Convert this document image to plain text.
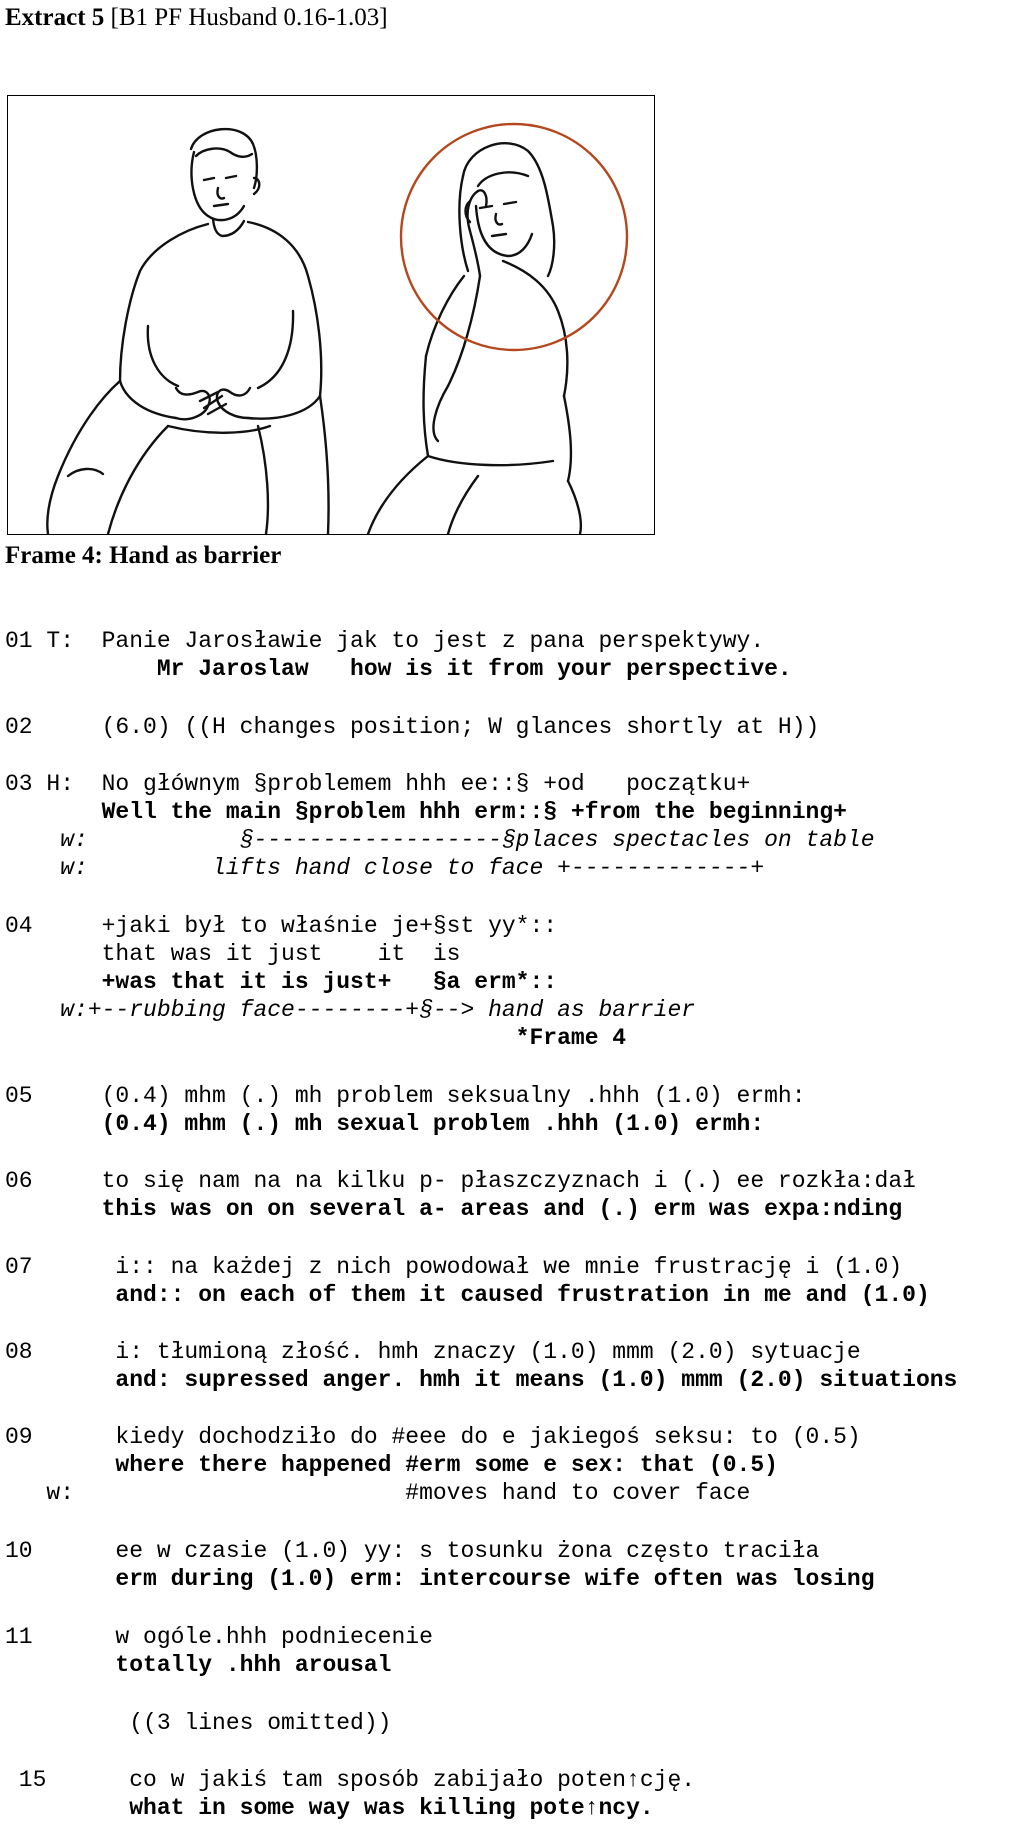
Extract 5 [B1 PF Husband 0.16-1.03]
Frame 4: Hand as barrier
01 T:  Panie Jarosławie jak to jest z pana perspektywy.
Mr Jaroslaw   how is it from your perspective.
02     (6.0) ((H changes position; W glances shortly at H))
03 H:  No głównym §problemem hhh ee::§ +od   początku+
Well the main §problem hhh erm::§ +from the beginning+
w:           §------------------§places spectacles on table
w:         lifts hand close to face +-------------+
04     +jaki był to właśnie je+§st yy*::
that was it just    it  is
+was that it is just+   §a erm*::
w:+--rubbing face--------+§--> hand as barrier
*Frame 4
05     (0.4) mhm (.) mh problem seksualny .hhh (1.0) ermh:
(0.4) mhm (.) mh sexual problem .hhh (1.0) ermh:
06     to się nam na na kilku p- płaszczyznach i (.) ee rozkła:dał
this was on on several a- areas and (.) erm was expa:nding
07      i:: na każdej z nich powodował we mnie frustrację i (1.0)
and:: on each of them it caused frustration in me and (1.0)
08      i: tłumioną złość. hmh znaczy (1.0) mmm (2.0) sytuacje
and: supressed anger. hmh it means (1.0) mmm (2.0) situations
09      kiedy dochodziło do #eee do e jakiegoś seksu: to (0.5)
where there happened #erm some e sex: that (0.5)
w:                        #moves hand to cover face
10      ee w czasie (1.0) yy: s tosunku żona często traciła
erm during (1.0) erm: intercourse wife often was losing
11      w ogóle.hhh podniecenie
totally .hhh arousal
((3 lines omitted))
15      co w jakiś tam sposób zabijało poten↑cję.
what in some way was killing pote↑ncy.
